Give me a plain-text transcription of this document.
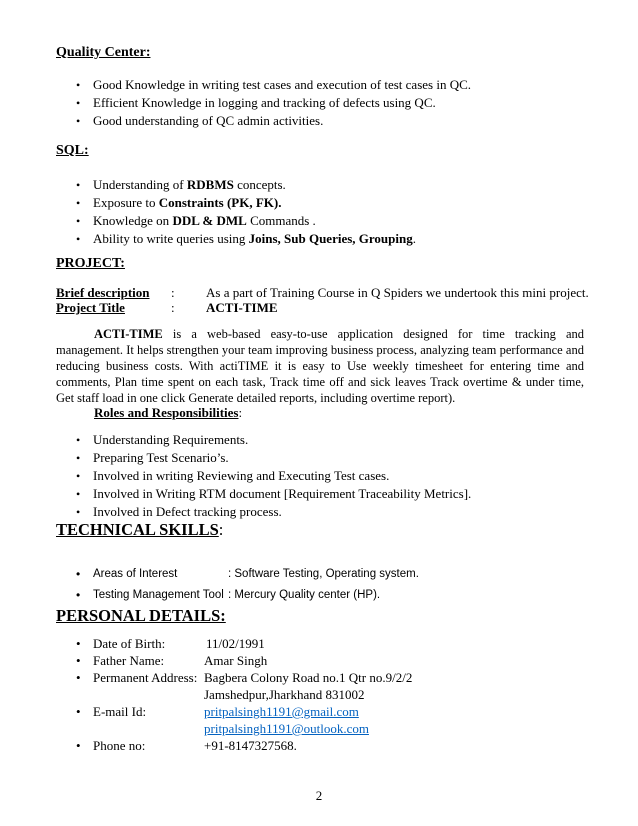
Quality Center:
• Good Knowledge in writing test cases and execution of test cases in QC.
• Efficient Knowledge in logging and tracking of defects using QC.
• Good understanding of QC admin activities.
SQL:
• Understanding of RDBMS concepts.
• Exposure to Constraints (PK, FK).
• Knowledge on DDL & DML Commands .
• Ability to write queries using Joins, Sub Queries, Grouping.
PROJECT:
Brief description : As a part of Training Course in Q Spiders we undertook this mini project.
Project Title	: ACTI-TIME
ACTI-TIME is a web-based easy-to-use application designed for time tracking and management. It helps strengthen your team improving business process, analyzing team performance and reducing business costs. With actiTIME it is easy to Use weekly timesheet for entering time and comments, Plan time spent on each task, Track time off and sick leaves Track overtime & under time, Get staff load in one click Generate detailed reports, including overtime report).
Roles and Responsibilities:
• Understanding Requirements.
• Preparing Test Scenario’s.
• Involved in writing Reviewing and Executing Test cases.
• Involved in Writing RTM document [Requirement Traceability Metrics].
• Involved in Defect tracking process.
TECHNICAL SKILLS:
• Areas of Interest	: Software Testing, Operating system.
• Testing Management Tool : Mercury Quality center (HP).
PERSONAL DETAILS:
• Date of Birth:	11/02/1991
• Father Name:	Amar Singh
• Permanent Address: Bagbera Colony Road no.1 Qtr no.9/2/2
Jamshedpur,Jharkhand 831002
• E-mail Id:	pritpalsingh1191@gmail.com
pritpalsingh1191@outlook.com
• Phone no:	+91-8147327568.
2
